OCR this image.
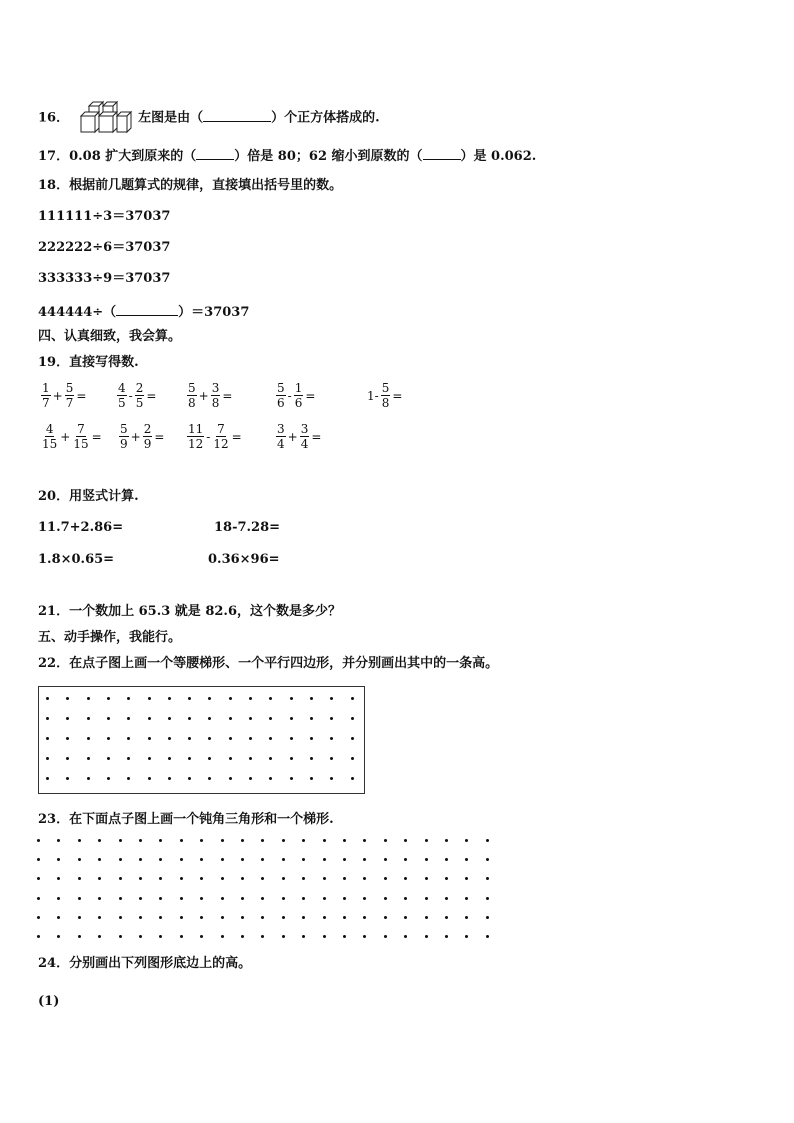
16．	左图是由（	）个正方体搭成的.
17．0.08 扩大到原来的（	）倍是 80；62 缩小到原数的（	）是 0.062.
18．根据前几题算式的规律，直接填出括号里的数。
111111÷3＝37037
222222÷6＝37037
333333÷9＝37037
444444÷（	）＝37037
四、认真细致，我会算。
19．直接写得数.
$\frac{1}{7} + \frac{5}{7}$ =	$\frac{4}{5} - \frac{2}{5}$ =	$\frac{5}{8} + \frac{3}{8}$ =	$\frac{5}{6} - \frac{1}{6}$ =	$1- \frac{5}{8}$ =
$\frac{4}{15} + \frac{7}{15} = \frac{5}{9} + \frac{2}{9} = \frac{11}{12} - \frac{7}{12}$ =	$\frac{3}{4} + \frac{3}{4}$ =
20．用竖式计算.
11.7+2.86=	18-7.28=
1.8×0.65=	0.36×96=
21．一个数加上 65.3 就是 82.6，这个数是多少？
五、动手操作，我能行。
22．在点子图上画一个等腰梯形、一个平行四边形，并分别画出其中的一条高。
23．在下面点子图上画一个钝角三角形和一个梯形.
24．分别画出下列图形底边上的高。
(1)
